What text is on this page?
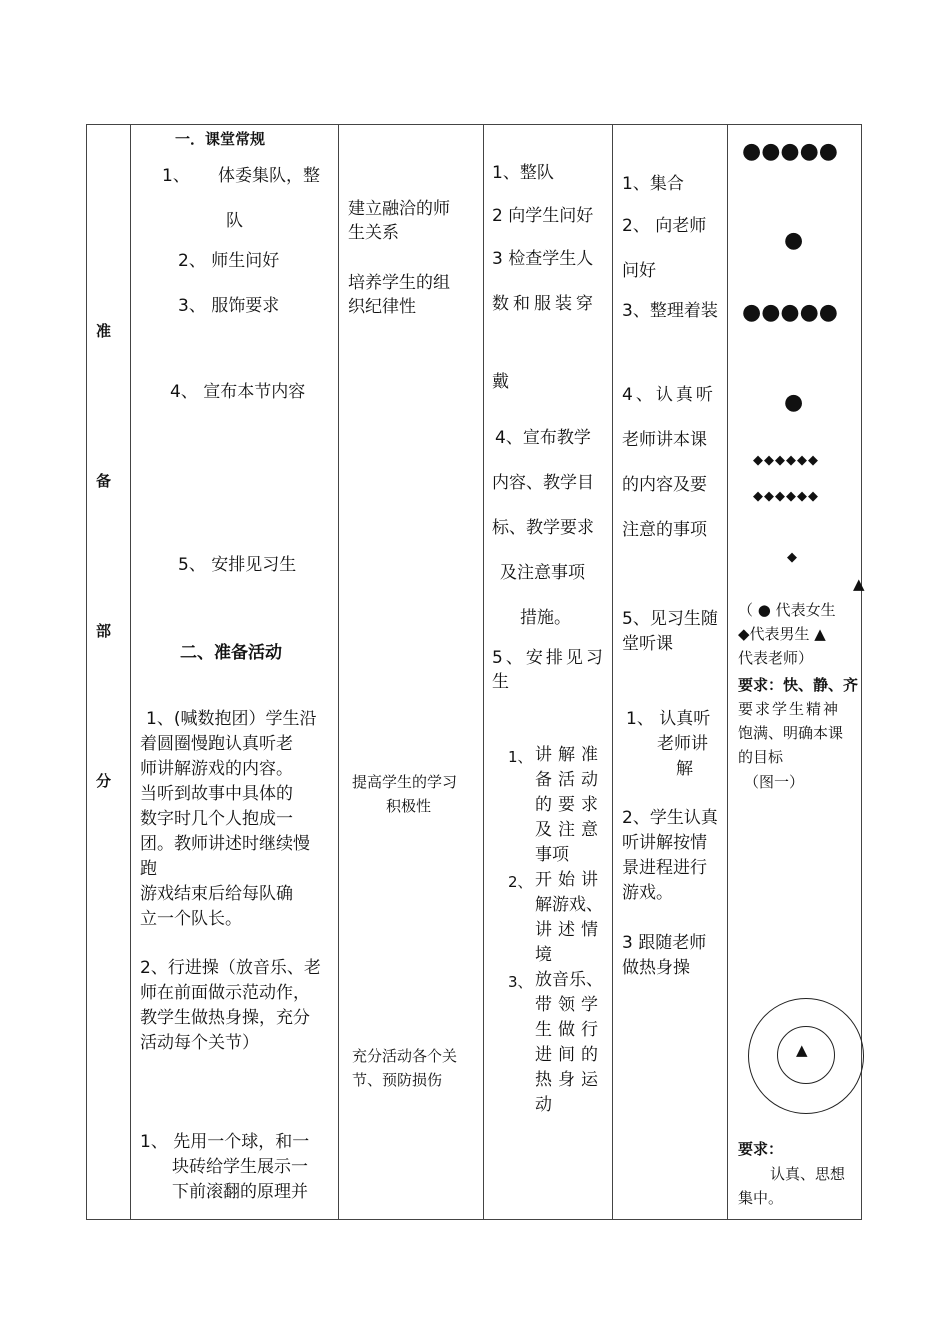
准
备
部
分
一．课堂常规
1、 体委集队，整
队
2、 师生问好
3、 服饰要求
4、 宣布本节内容
5、 安排见习生
二、准备活动
1、(喊数抱团）学生沿
着圆圈慢跑认真听老
师讲解游戏的内容。
当听到故事中具体的
数字时几个人抱成一
团。教师讲述时继续慢
跑
游戏结束后给每队确
立一个队长。
2、行进操（放音乐、老
师在前面做示范动作，
教学生做热身操，充分
活动每个关节）
1、 先用一个球，和一
块砖给学生展示一
下前滚翻的原理并
建立融洽的师
生关系
培养学生的组
织纪律性
提高学生的学习
积极性
充分活动各个关
节、预防损伤
1、整队
2 向学生问好
3 检查学生人
数和服装穿
戴
4、宣布教学
内容、教学目
标、教学要求
及注意事项
措施。
5、安排见习
生
1、 讲解准
备活动
的要求
及注意
事项
2、 开始讲
解游戏、
讲述情
境
3、 放音乐、
带领学
生做行
进间的
热身运
动
1、集合
2、 向老师
问好
3、整理着装
4、认真听
老师讲本课
的内容及要
注意的事项
5、见习生随
堂听课
1、 认真听
老师讲
解
2、学生认真
听讲解按情
景进程进行
游戏。
3 跟随老师
做热身操
●●●●●
●
●●●●●
●
◆◆◆◆◆◆
◆◆◆◆◆◆
◆
▲
（ ● 代表女生
◆代表男生 ▲
代表老师）
要求：快、静、齐
要求学生精神
饱满、明确本课
的目标
（图一）
▲
要求：
认真、思想
集中。
